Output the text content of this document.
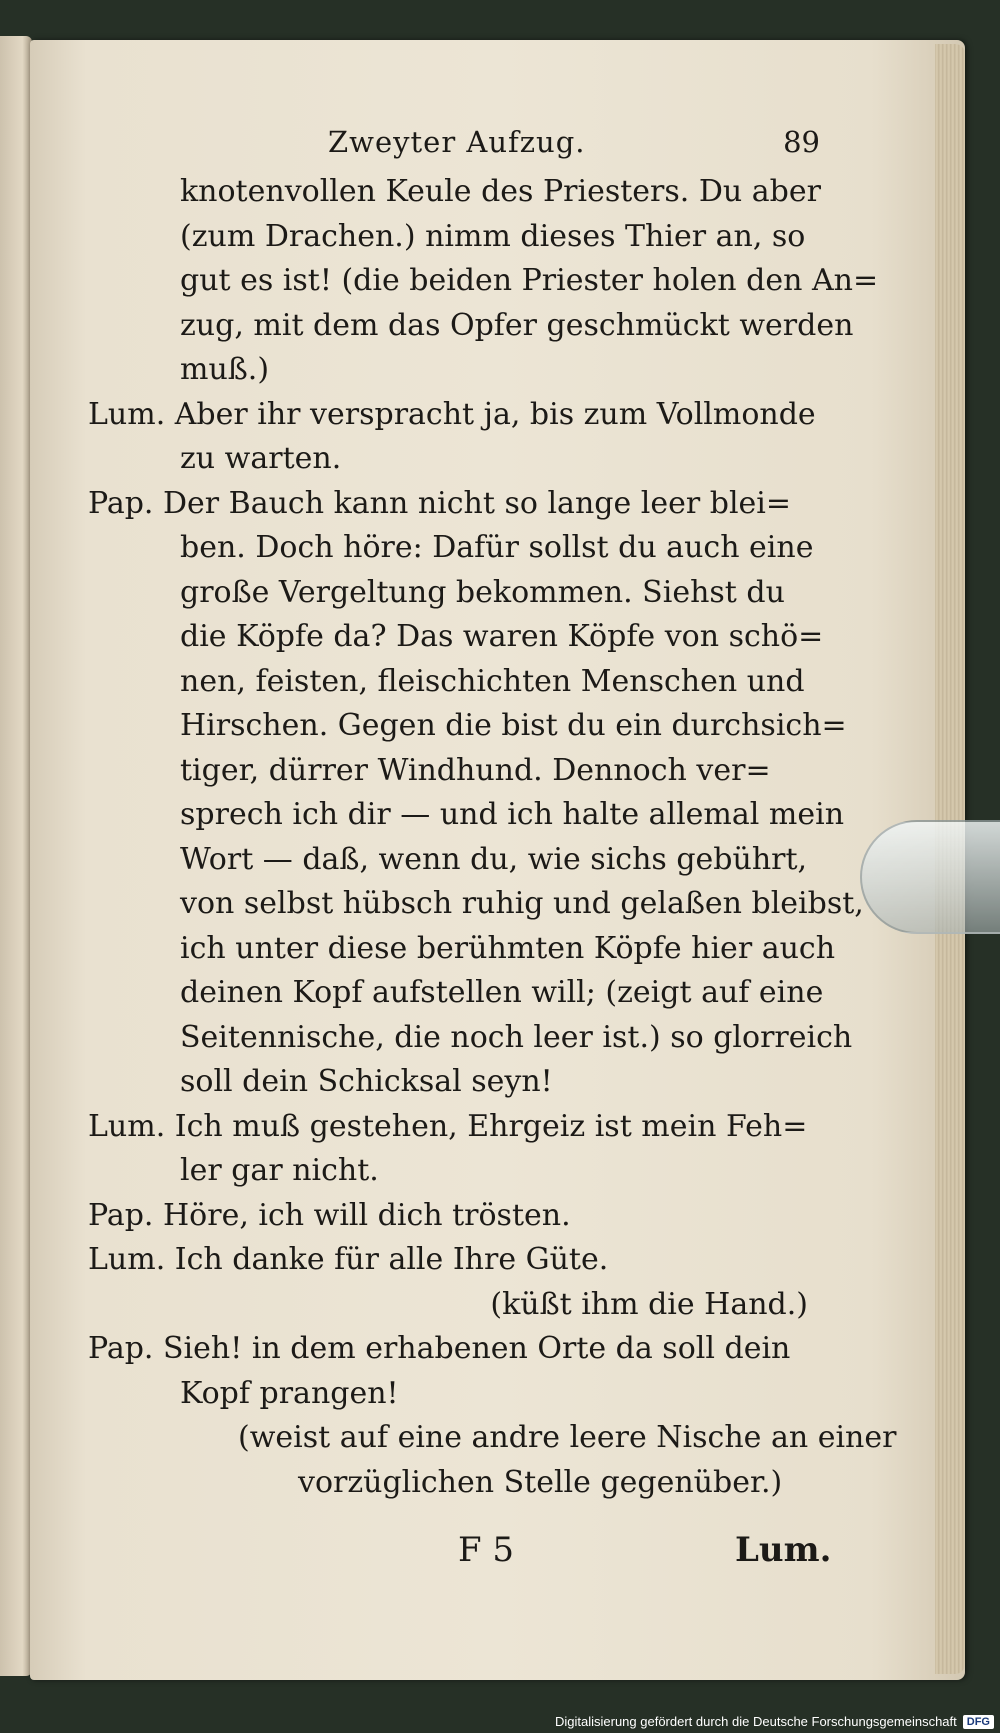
Zweyter Aufzug.	89
knotenvollen Keule des Priesters. Du aber
(zum Drachen.) nimm dieses Thier an, so
gut es ist! (die beiden Priester holen den An=
zug, mit dem das Opfer geschmückt werden
muß.)
Lum. Aber ihr verspracht ja, bis zum Vollmonde
zu warten.
Pap. Der Bauch kann nicht so lange leer blei=
ben. Doch höre: Dafür sollst du auch eine
große Vergeltung bekommen. Siehst du
die Köpfe da? Das waren Köpfe von schö=
nen, feisten, fleischichten Menschen und
Hirschen. Gegen die bist du ein durchsich=
tiger, dürrer Windhund. Dennoch ver=
sprech ich dir — und ich halte allemal mein
Wort — daß, wenn du, wie sichs gebührt,
von selbst hübsch ruhig und gelaßen bleibst,
ich unter diese berühmten Köpfe hier auch
deinen Kopf aufstellen will; (zeigt auf eine
Seitennische, die noch leer ist.) so glorreich
soll dein Schicksal seyn!
Lum. Ich muß gestehen, Ehrgeiz ist mein Feh=
ler gar nicht.
Pap. Höre, ich will dich trösten.
Lum. Ich danke für alle Ihre Güte.
(küßt ihm die Hand.)
Pap. Sieh! in dem erhabenen Orte da soll dein
Kopf prangen!
(weist auf eine andre leere Nische an einer
vorzüglichen Stelle gegenüber.)
F 5	Lum.
Digitalisierung gefördert durch die Deutsche Forschungsgemeinschaft DFG
